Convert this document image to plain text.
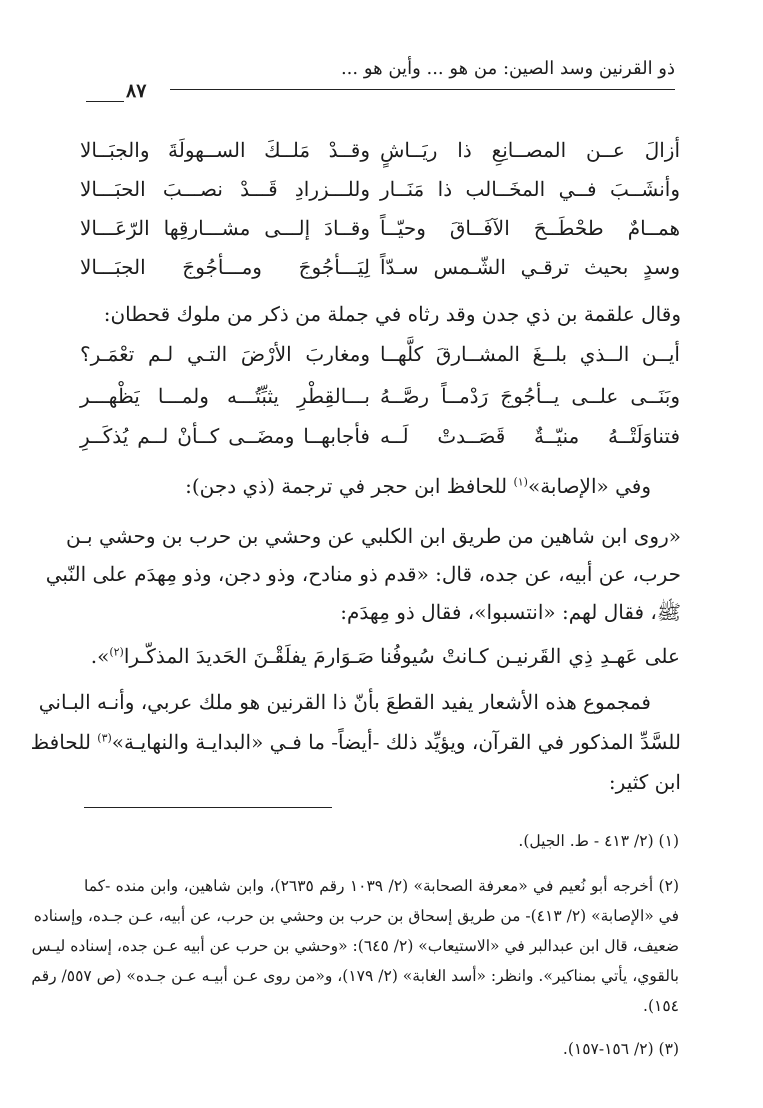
ذو القرنين وسد الصين: من هو ... وأين هو ...
٨٧
أزالَ عــن المصــانِعِ ذا ريَــاشٍ
وقــدْ مَلــكَ الســهولَةَ والجبَــالا
وأنشَــبَ فــي المخَــالب ذا مَنَــار
وللـــزرادِ قَـــدْ نصـــبَ الحبَـــالا
همــامٌ طحْطَــحَ الآفَــاقَ وحيّــاً
وقــادَ إلـــى مشـــارقِها الرّعَـــالا
وسدٍ بحيث ترقـي الشّـمس سـدّاً
لِيَـــأجُوجَ ومـــأجُوجَ الجبَـــالا
وقال علقمة بن ذي جدن وقد رثاه في جملة من ذكر من ملوك قحطان:
أيــن الــذي بلــغَ المشــارقَ كلَّهــا
ومغاربَ الأرْضَ التـي لـم تعْمَـر؟
وبَنَــى علــى يــأجُوجَ رَدْمــاً رصَّــهُ
بـــالقِطْرِ يثبِّتُـــه ولمـــا يَظْهـــر
فتناوَلَتْــهُ منيّــةٌ قَصَــدتْ لَــه
فأجابهــا ومضَــى كــأنْ لــم يُذكَــرِ
وفي «الإصابة»$^{(١)}$ للحافظ ابن حجر في ترجمة (ذي دجن):
«روى ابن شاهين من طريق ابن الكلبي عن وحشي بن حرب بن وحشي بـن
حرب، عن أبيه، عن جده، قال: «قدم ذو منادح، وذو دجن، وذو مِهدَم على النّبي
ﷺ، فقال لهم: «انتسبوا»، فقال ذو مِهدَم:
على عَهـدِ ذِي القَرنيـن كـانتْ سُيوفُنا
صَـوَارمَ يفلَقْـنَ الحَديدَ المذكّـرا$^{(٢)}$».
فمجموع هذه الأشعار يفيد القطعَ بأنّ ذا القرنين هو ملك عربي، وأنـه البـاني
للسَّدِّ المذكور في القرآن، ويؤيِّد ذلك -أيضاً- ما فـي «البدايـة والنهايـة»$^{(٣)}$ للحافظ
ابن كثير:
(١) (٢/ ٤١٣ - ط. الجيل).
(٢) أخرجه أبو نُعيم في «معرفة الصحابة» (٢/ ١٠٣٩ رقم ٢٦٣٥)، وابن شاهين، وابن منده -كما
في «الإصابة» (٢/ ٤١٣)- من طريق إسحاق بن حرب بن وحشي بن حرب، عن أبيه، عـن جـده، وإسناده
ضعيف، قال ابن عبدالبر في «الاستيعاب» (٢/ ٦٤٥): «وحشي بن حرب عن أبيه عـن جده، إسناده ليـس
بالقوي، يأتي بمناكير». وانظر: «أسد الغابة» (٢/ ١٧٩)، و«من روى عـن أبيـه عـن جـده» (ص ٥٥٧/ رقم
١٥٤).
(٣) (٢/ ١٥٦-١٥٧).
